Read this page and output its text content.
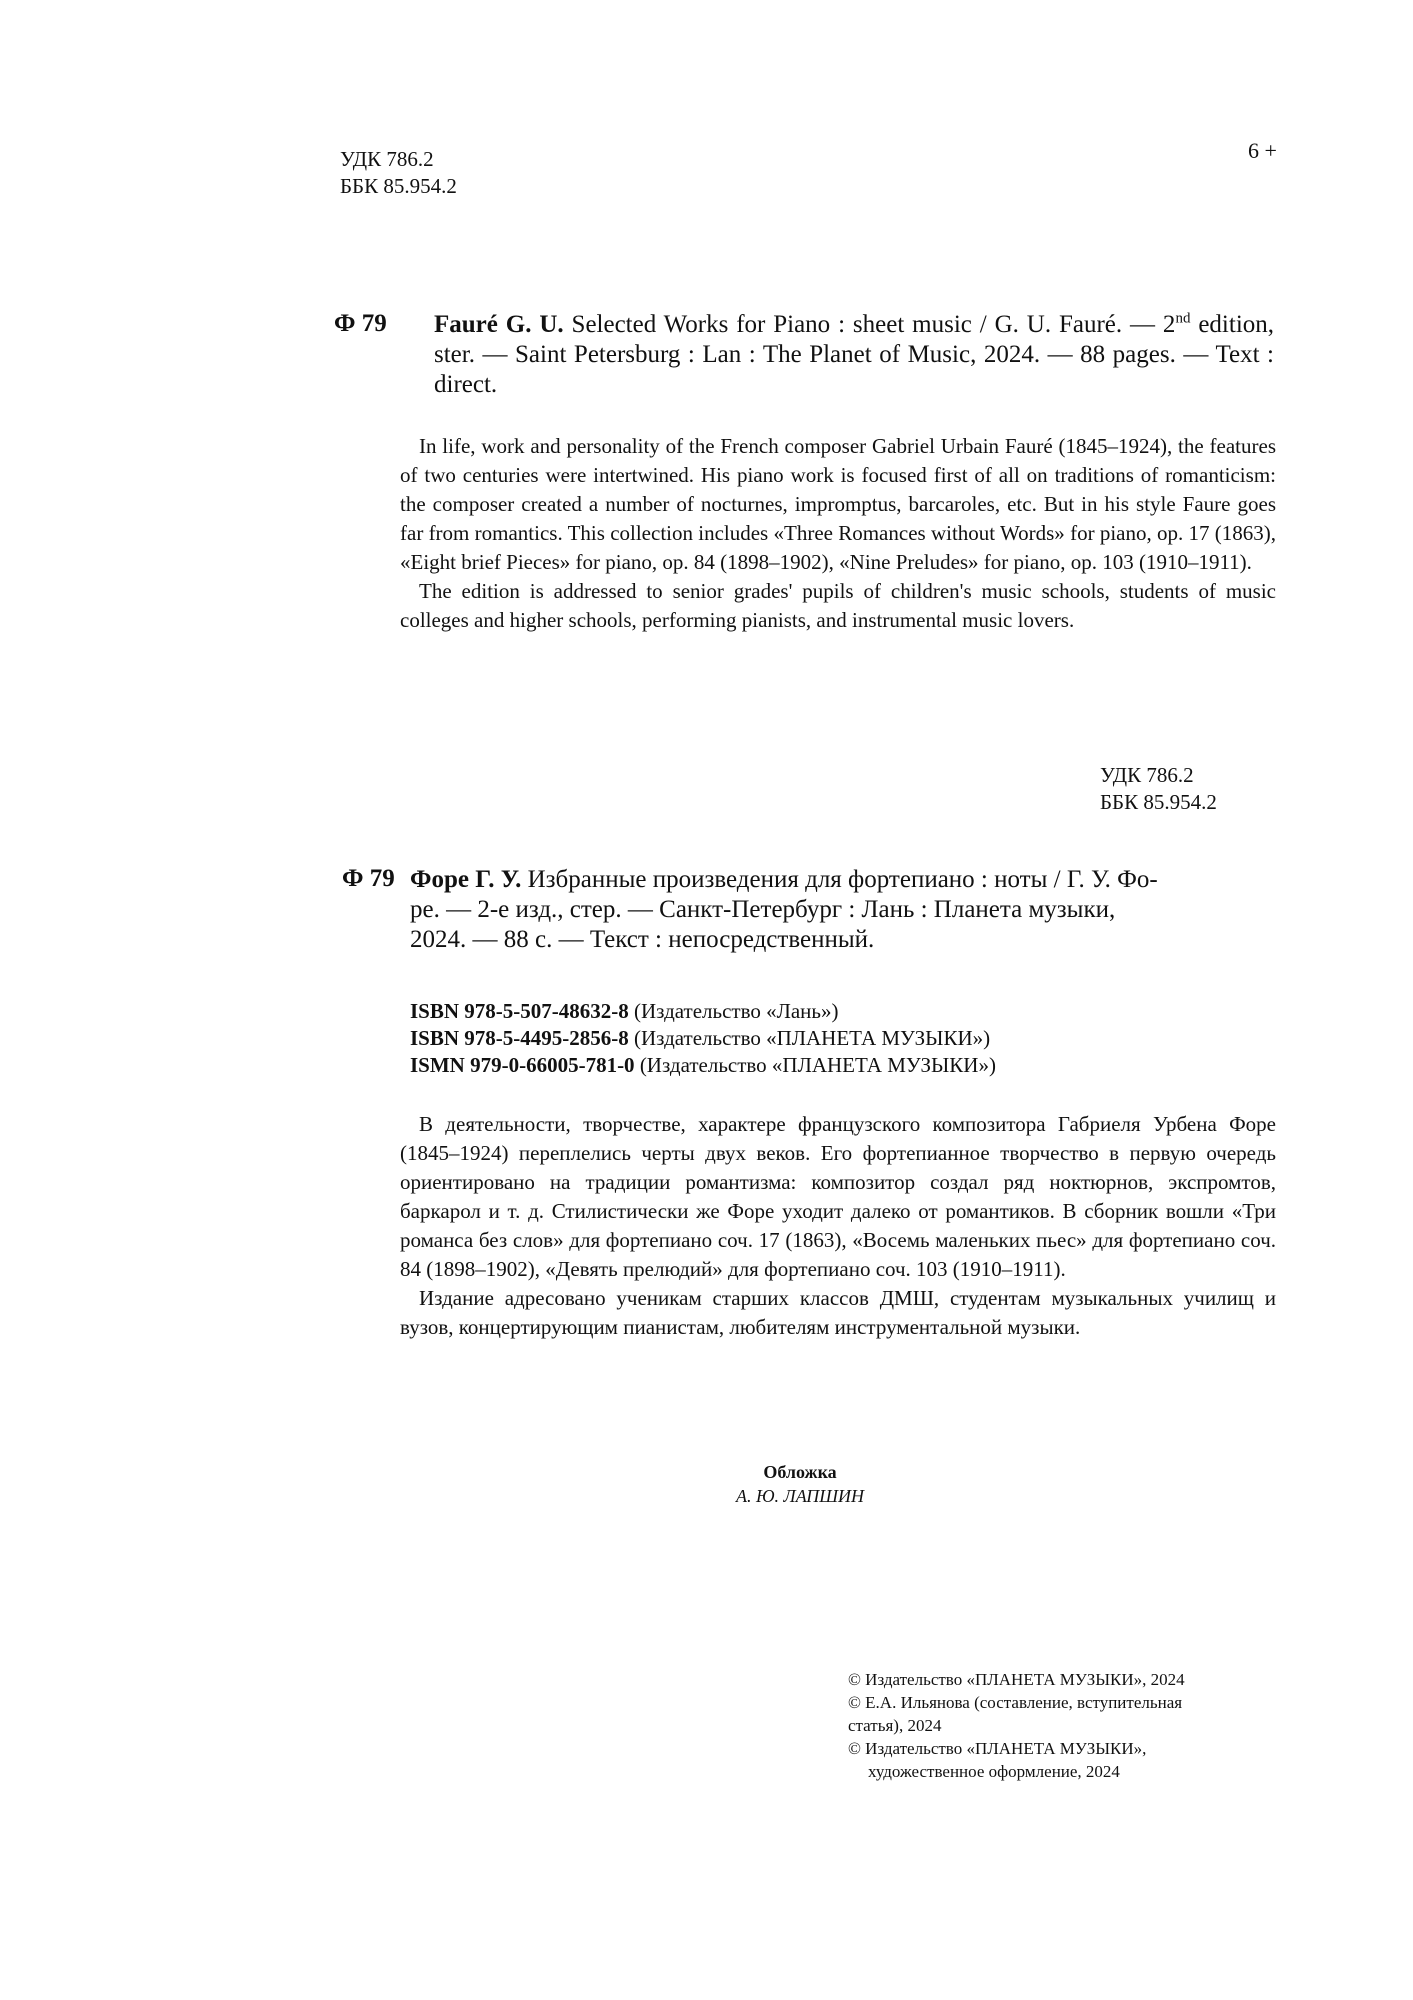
УДК 786.2
ББК 85.954.2
6 +
Ф 79 Fauré G. U. Selected Works for Piano : sheet music / G. U. Fauré. — 2nd edition, ster. — Saint Petersburg : Lan : The Planet of Music, 2024. — 88 pages. — Text : direct.

In life, work and personality of the French composer Gabriel Urbain Fauré (1845–1924), the features of two centuries were intertwined. His piano work is focused first of all on traditions of romanticism: the composer created a number of nocturnes, impromptus, barcaroles, etc. But in his style Faure goes far from romantics. This collection includes «Three Romances without Words» for piano, op. 17 (1863), «Eight brief Pieces» for piano, op. 84 (1898–1902), «Nine Preludes» for piano, op. 103 (1910–1911).

The edition is addressed to senior grades' pupils of children's music schools, students of music colleges and higher schools, performing pianists, and instrumental music lovers.

УДК 786.2
ББК 85.954.2
Ф 79 Форе Г. У. Избранные произведения для фортепиано : ноты / Г. У. Фо-
ре. — 2-е изд., стер. — Санкт-Петербург : Лань : Планета музыки,
2024. — 88 с. — Текст : непосредственный.
ISBN 978-5-507-48632-8 (Издательство «Лань»)
ISBN 978-5-4495-2856-8 (Издательство «ПЛАНЕТА МУЗЫКИ»)
ISMN 979-0-66005-781-0 (Издательство «ПЛАНЕТА МУЗЫКИ»)

В деятельности, творчестве, характере французского композитора Габриеля Урбена Форе (1845–1924) переплелись черты двух веков. Его фортепианное творчество в первую очередь ориентировано на традиции романтизма: композитор создал ряд ноктюрнов, экспромтов, баркарол и т. д. Стилистически же Форе уходит далеко от романтиков. В сборник вошли «Три романса без слов» для фортепиано соч. 17 (1863), «Восемь маленьких пьес» для фортепиано соч. 84 (1898–1902), «Девять прелюдий» для фортепиано соч. 103 (1910–1911).

Издание адресовано ученикам старших классов ДМШ, студентам музыкальных училищ и вузов, концертирующим пианистам, любителям инструментальной музыки.

Обложка
А. Ю. ЛАПШИН

© Издательство «ПЛАНЕТА МУЗЫКИ», 2024

© Е.А. Ильянова (составление, вступительная

статья), 2024

© Издательство «ПЛАНЕТА МУЗЫКИ»,

художественное оформление, 2024
